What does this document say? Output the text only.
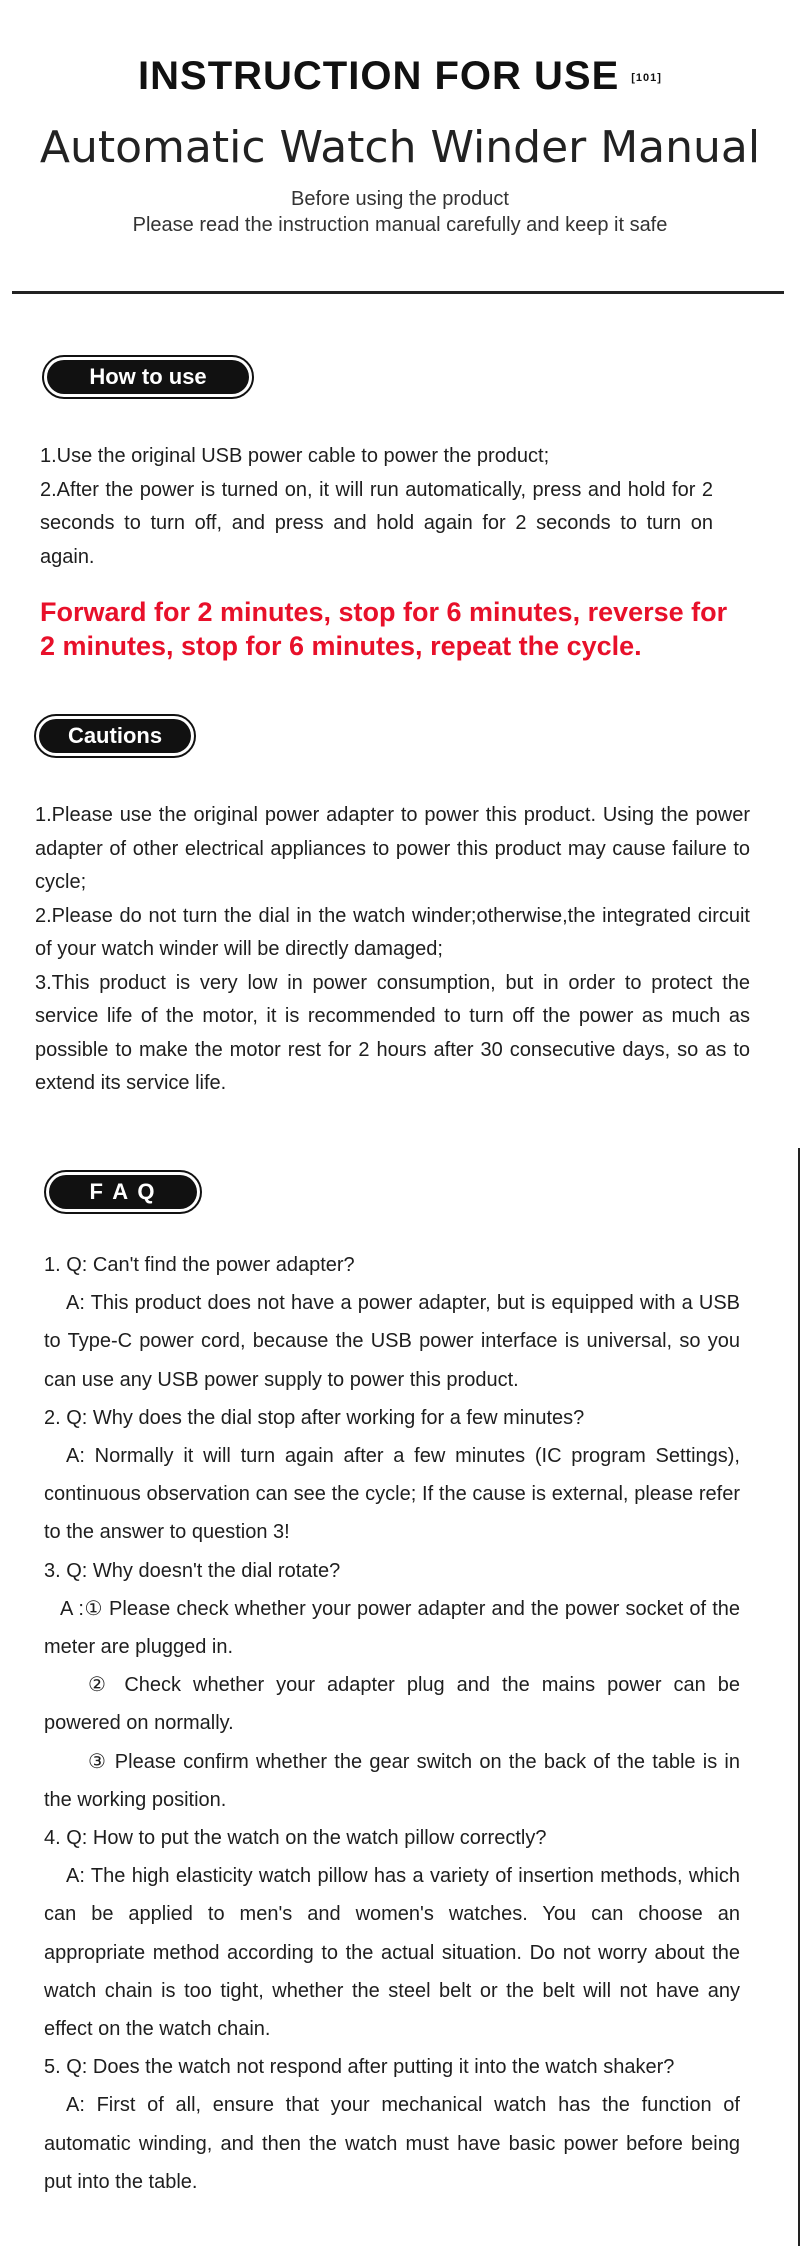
INSTRUCTION FOR USE [101]
Automatic Watch Winder Manual
Before using the product
Please read the instruction manual carefully and keep it safe
How to use

1.Use the original USB power cable to power the product;

2.After the power is turned on, it will run automatically, press and hold for 2 seconds to turn off, and press and hold again for 2 seconds to turn on again.

Forward for 2 minutes, stop for 6 minutes, reverse for 2 minutes, stop for 6 minutes, repeat the cycle.
Cautions

1.Please use the original power adapter to power this product. Using the power adapter of other electrical appliances to power this product may cause failure to cycle;

2.Please do not turn the dial in the watch winder;otherwise,the integrated circuit of your watch winder will be directly damaged;

3.This product is very low in power consumption, but in order to protect the service life of the motor, it is recommended to turn off the power as much as possible to make the motor rest for 2 hours after 30 consecutive days, so as to extend its service life.

F A Q

1. Q: Can't find the power adapter?

A: This product does not have a power adapter, but is equipped with a USB to Type-C power cord, because the USB power interface is universal, so you can use any USB power supply to power this product.

2. Q: Why does the dial stop after working for a few minutes?

A: Normally it will turn again after a few minutes (IC program Settings), continuous observation can see the cycle; If the cause is external, please refer to the answer to question 3!

3. Q: Why doesn't the dial rotate?

A :① Please check whether your power adapter and the power socket of the meter are plugged in.

② Check whether your adapter plug and the mains power can be powered on normally.

③ Please confirm whether the gear switch on the back of the table is in the working position.

4. Q: How to put the watch on the watch pillow correctly?

A: The high elasticity watch pillow has a variety of insertion methods, which can be applied to men's and women's watches. You can choose an appropriate method according to the actual situation. Do not worry about the watch chain is too tight, whether the steel belt or the belt will not have any effect on the watch chain.

5. Q: Does the watch not respond after putting it into the watch shaker?

A: First of all, ensure that your mechanical watch has the function of automatic winding, and then the watch must have basic power before being put into the table.
